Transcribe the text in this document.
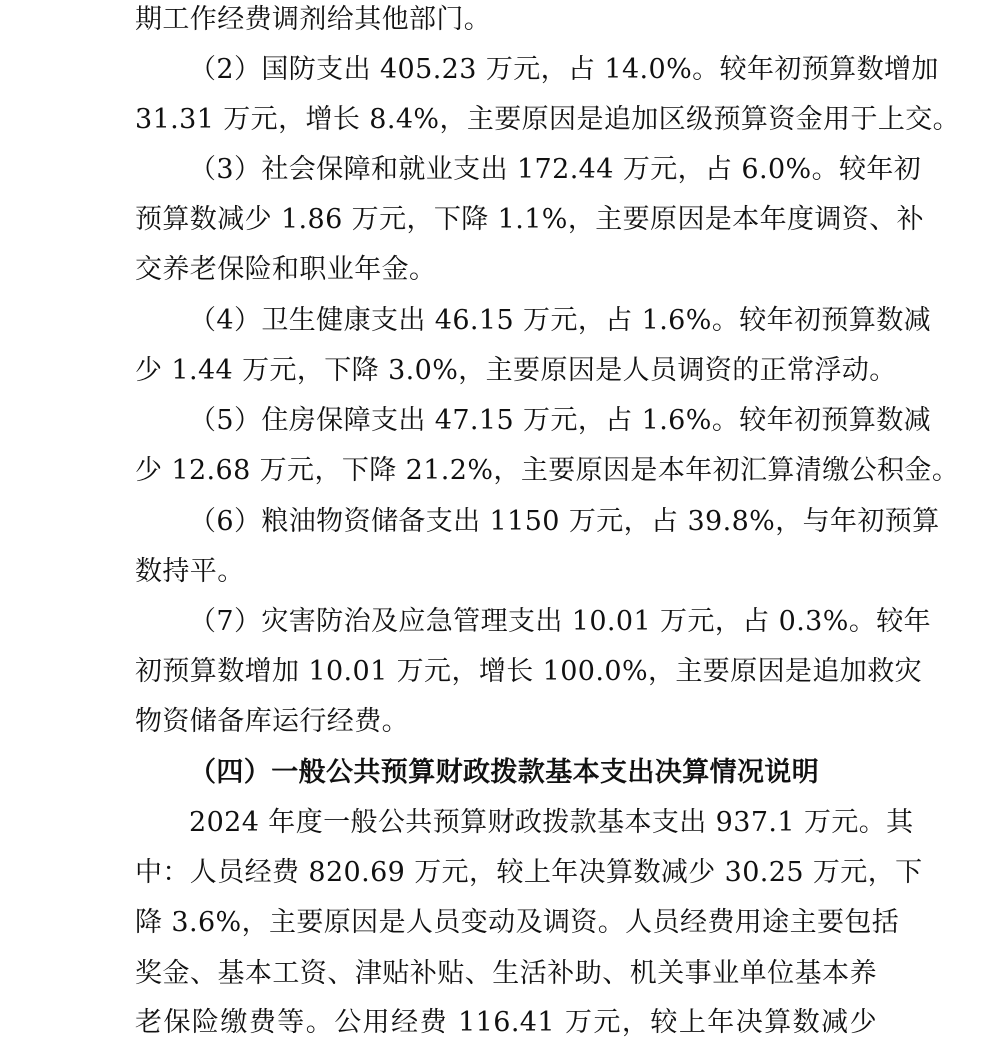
期工作经费调剂给其他部门。
（2）国防支出 405.23 万元，占 14.0%。较年初预算数增加
31.31 万元，增长 8.4%，主要原因是追加区级预算资金用于上交。
（3）社会保障和就业支出 172.44 万元，占 6.0%。较年初
预算数减少 1.86 万元，下降 1.1%，主要原因是本年度调资、补
交养老保险和职业年金。
（4）卫生健康支出 46.15 万元，占 1.6%。较年初预算数减
少 1.44 万元，下降 3.0%，主要原因是人员调资的正常浮动。
（5）住房保障支出 47.15 万元，占 1.6%。较年初预算数减
少 12.68 万元，下降 21.2%，主要原因是本年初汇算清缴公积金。
（6）粮油物资储备支出 1150 万元，占 39.8%，与年初预算
数持平。
（7）灾害防治及应急管理支出 10.01 万元，占 0.3%。较年
初预算数增加 10.01 万元，增长 100.0%，主要原因是追加救灾
物资储备库运行经费。
（四）一般公共预算财政拨款基本支出决算情况说明
2024 年度一般公共预算财政拨款基本支出 937.1 万元。其
中：人员经费 820.69 万元，较上年决算数减少 30.25 万元，下
降 3.6%，主要原因是人员变动及调资。人员经费用途主要包括
奖金、基本工资、津贴补贴、生活补助、机关事业单位基本养
老保险缴费等。公用经费 116.41 万元，较上年决算数减少
